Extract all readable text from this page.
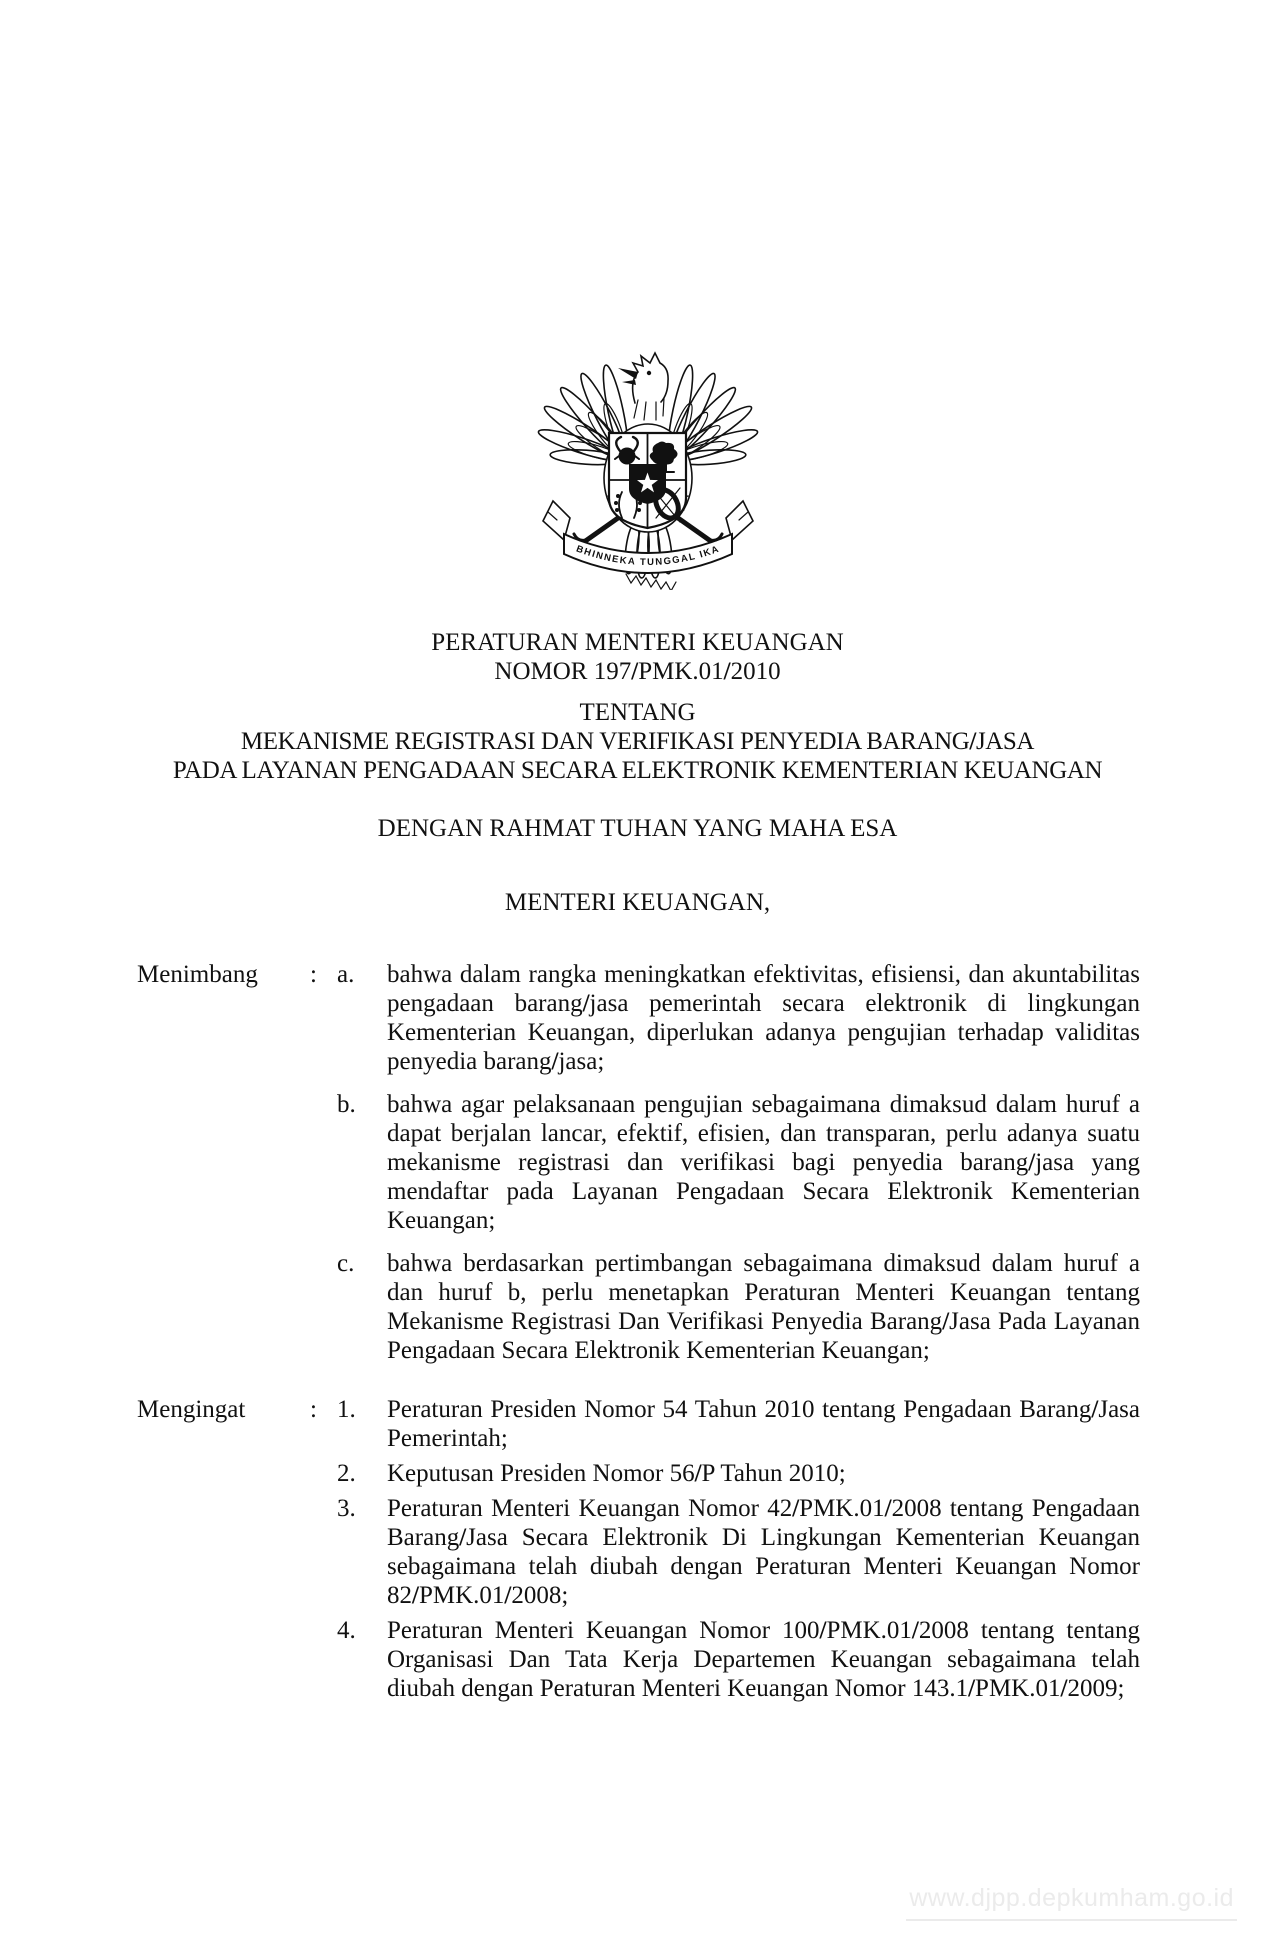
BHINNEKA TUNGGAL IKA
PERATURAN MENTERI KEUANGAN
NOMOR 197/PMK.01/2010
TENTANG
MEKANISME REGISTRASI DAN VERIFIKASI PENYEDIA BARANG/JASA
PADA LAYANAN PENGADAAN SECARA ELEKTRONIK KEMENTERIAN KEUANGAN
DENGAN RAHMAT TUHAN YANG MAHA ESA
MENTERI KEUANGAN,
Menimbang	: a.	bahwa dalam rangka meningkatkan efektivitas, efisiensi, dan akuntabilitas pengadaan barang/jasa pemerintah secara elektronik di lingkungan Kementerian Keuangan, diperlukan adanya pengujian terhadap validitas penyedia barang/jasa;

b.	bahwa agar pelaksanaan pengujian sebagaimana dimaksud dalam huruf a dapat berjalan lancar, efektif, efisien, dan transparan, perlu adanya suatu mekanisme registrasi dan verifikasi bagi penyedia barang/jasa yang mendaftar pada Layanan Pengadaan Secara Elektronik Kementerian Keuangan;

c.	bahwa berdasarkan pertimbangan sebagaimana dimaksud dalam huruf a dan huruf b, perlu menetapkan Peraturan Menteri Keuangan tentang Mekanisme Registrasi Dan Verifikasi Penyedia Barang/Jasa Pada Layanan Pengadaan Secara Elektronik Kementerian Keuangan;

Mengingat	: 1.	Peraturan Presiden Nomor 54 Tahun 2010 tentang Pengadaan Barang/Jasa Pemerintah;

2.	Keputusan Presiden Nomor 56/P Tahun 2010;

3.	Peraturan Menteri Keuangan Nomor 42/PMK.01/2008 tentang Pengadaan Barang/Jasa Secara Elektronik Di Lingkungan Kementerian Keuangan sebagaimana telah diubah dengan Peraturan Menteri Keuangan Nomor 82/PMK.01/2008;

4.	Peraturan Menteri Keuangan Nomor 100/PMK.01/2008 tentang tentang Organisasi Dan Tata Kerja Departemen Keuangan sebagaimana telah diubah dengan Peraturan Menteri Keuangan Nomor 143.1/PMK.01/2009;

www.djpp.depkumham.go.id
